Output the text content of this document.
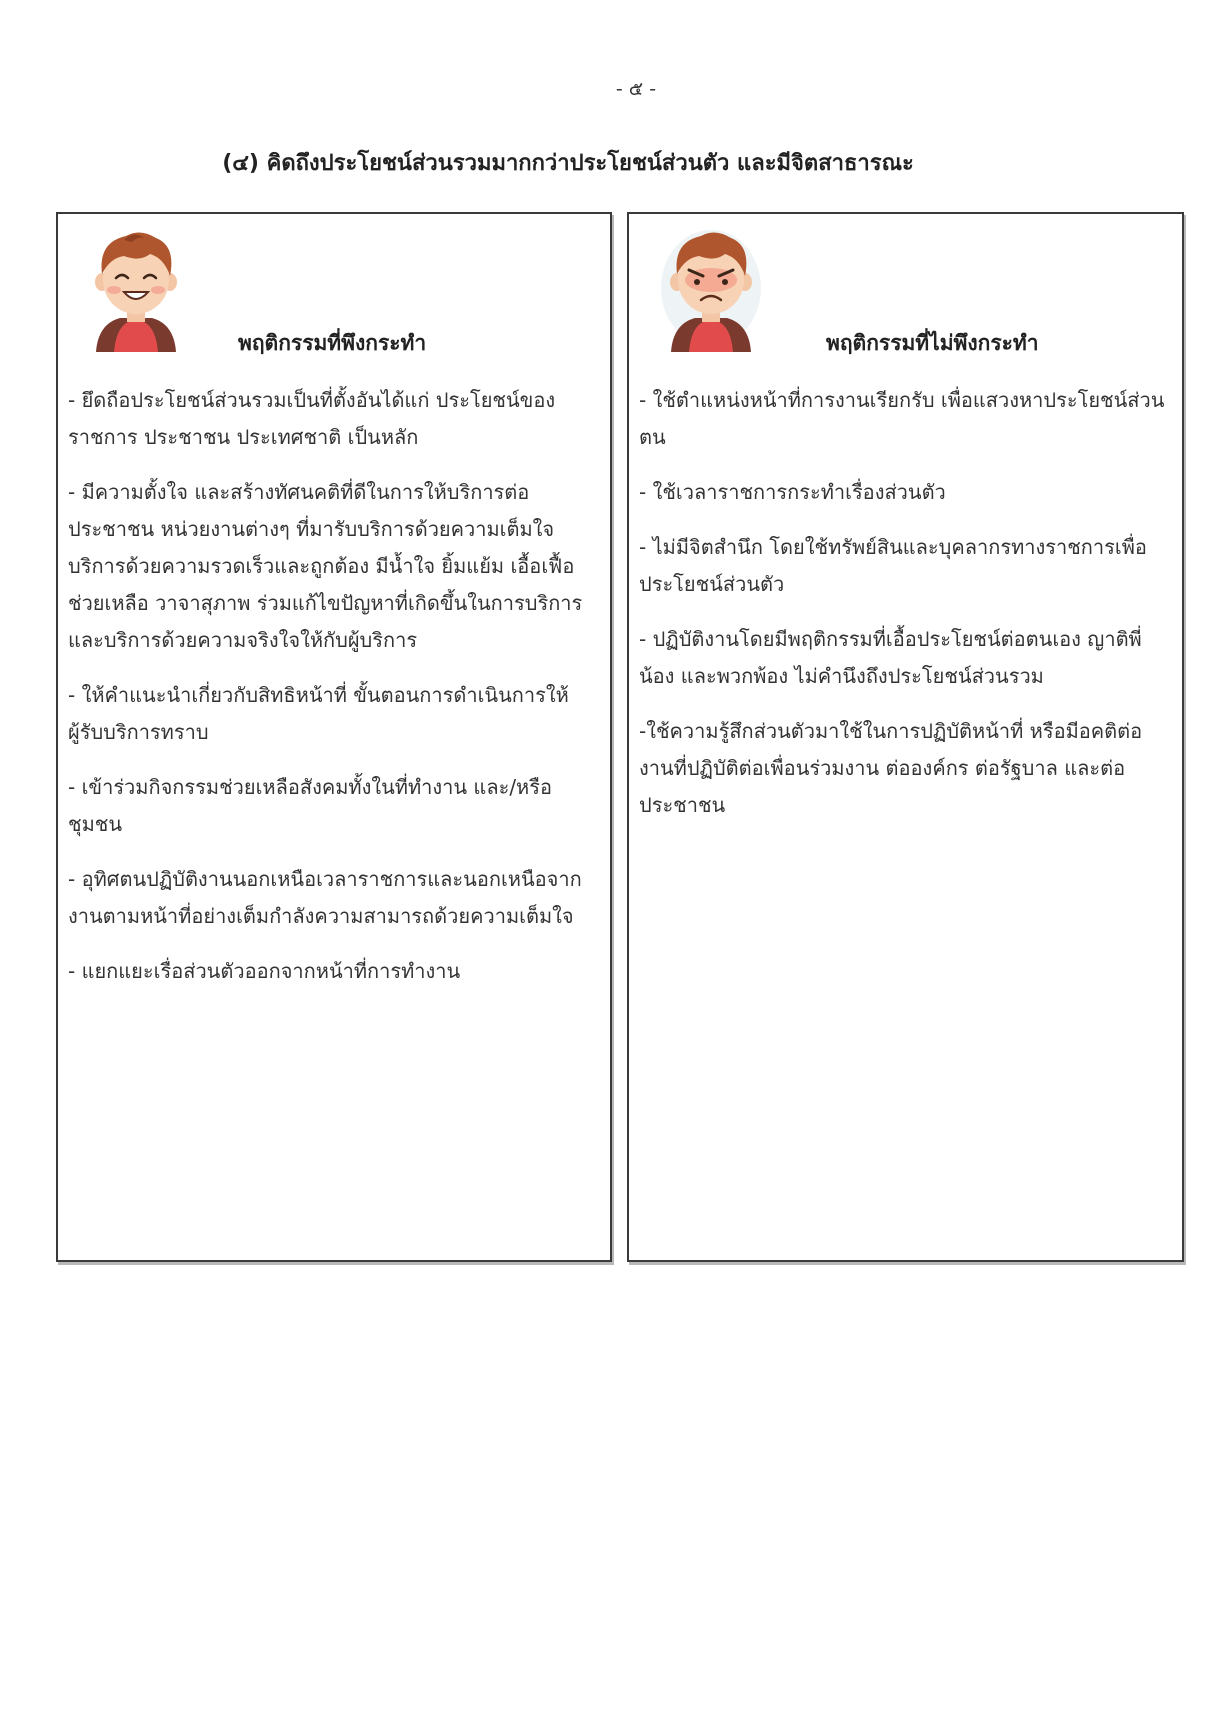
- ๕ -
(๔) คิดถึงประโยชน์ส่วนรวมมากกว่าประโยชน์ส่วนตัว และมีจิตสาธารณะ
พฤติกรรมที่พึงกระทำ
- ยึดถือประโยชน์ส่วนรวมเป็นที่ตั้งอันได้แก่ ประโยชน์ของราชการ ประชาชน ประเทศชาติ เป็นหลัก
- มีความตั้งใจ และสร้างทัศนคติที่ดีในการให้บริการต่อประชาชน หน่วยงานต่างๆ ที่มารับบริการด้วยความเต็มใจ บริการด้วยความรวดเร็วและถูกต้อง มีน้ำใจ ยิ้มแย้ม เอื้อเฟื้อช่วยเหลือ วาจาสุภาพ ร่วมแก้ไขปัญหาที่เกิดขึ้นในการบริการ และบริการด้วยความจริงใจให้กับผู้บริการ
- ให้คำแนะนำเกี่ยวกับสิทธิหน้าที่ ขั้นตอนการดำเนินการให้ผู้รับบริการทราบ
- เข้าร่วมกิจกรรมช่วยเหลือสังคมทั้งในที่ทำงาน และ/หรือชุมชน
- อุทิศตนปฏิบัติงานนอกเหนือเวลาราชการและนอกเหนือจากงานตามหน้าที่อย่างเต็มกำลังความสามารถด้วยความเต็มใจ
- แยกแยะเรื่อส่วนตัวออกจากหน้าที่การทำงาน
พฤติกรรมที่ไม่พึงกระทำ
- ใช้ตำแหน่งหน้าที่การงานเรียกรับ เพื่อแสวงหาประโยชน์ส่วนตน
- ใช้เวลาราชการกระทำเรื่องส่วนตัว
- ไม่มีจิตสำนึก โดยใช้ทรัพย์สินและบุคลากรทางราชการเพื่อประโยชน์ส่วนตัว
- ปฏิบัติงานโดยมีพฤติกรรมที่เอื้อประโยชน์ต่อตนเอง ญาติพี่น้อง และพวกพ้อง ไม่คำนึงถึงประโยชน์ส่วนรวม
-ใช้ความรู้สึกส่วนตัวมาใช้ในการปฏิบัติหน้าที่ หรือมีอคติต่องานที่ปฏิบัติต่อเพื่อนร่วมงาน ต่อองค์กร ต่อรัฐบาล และต่อประชาชน
